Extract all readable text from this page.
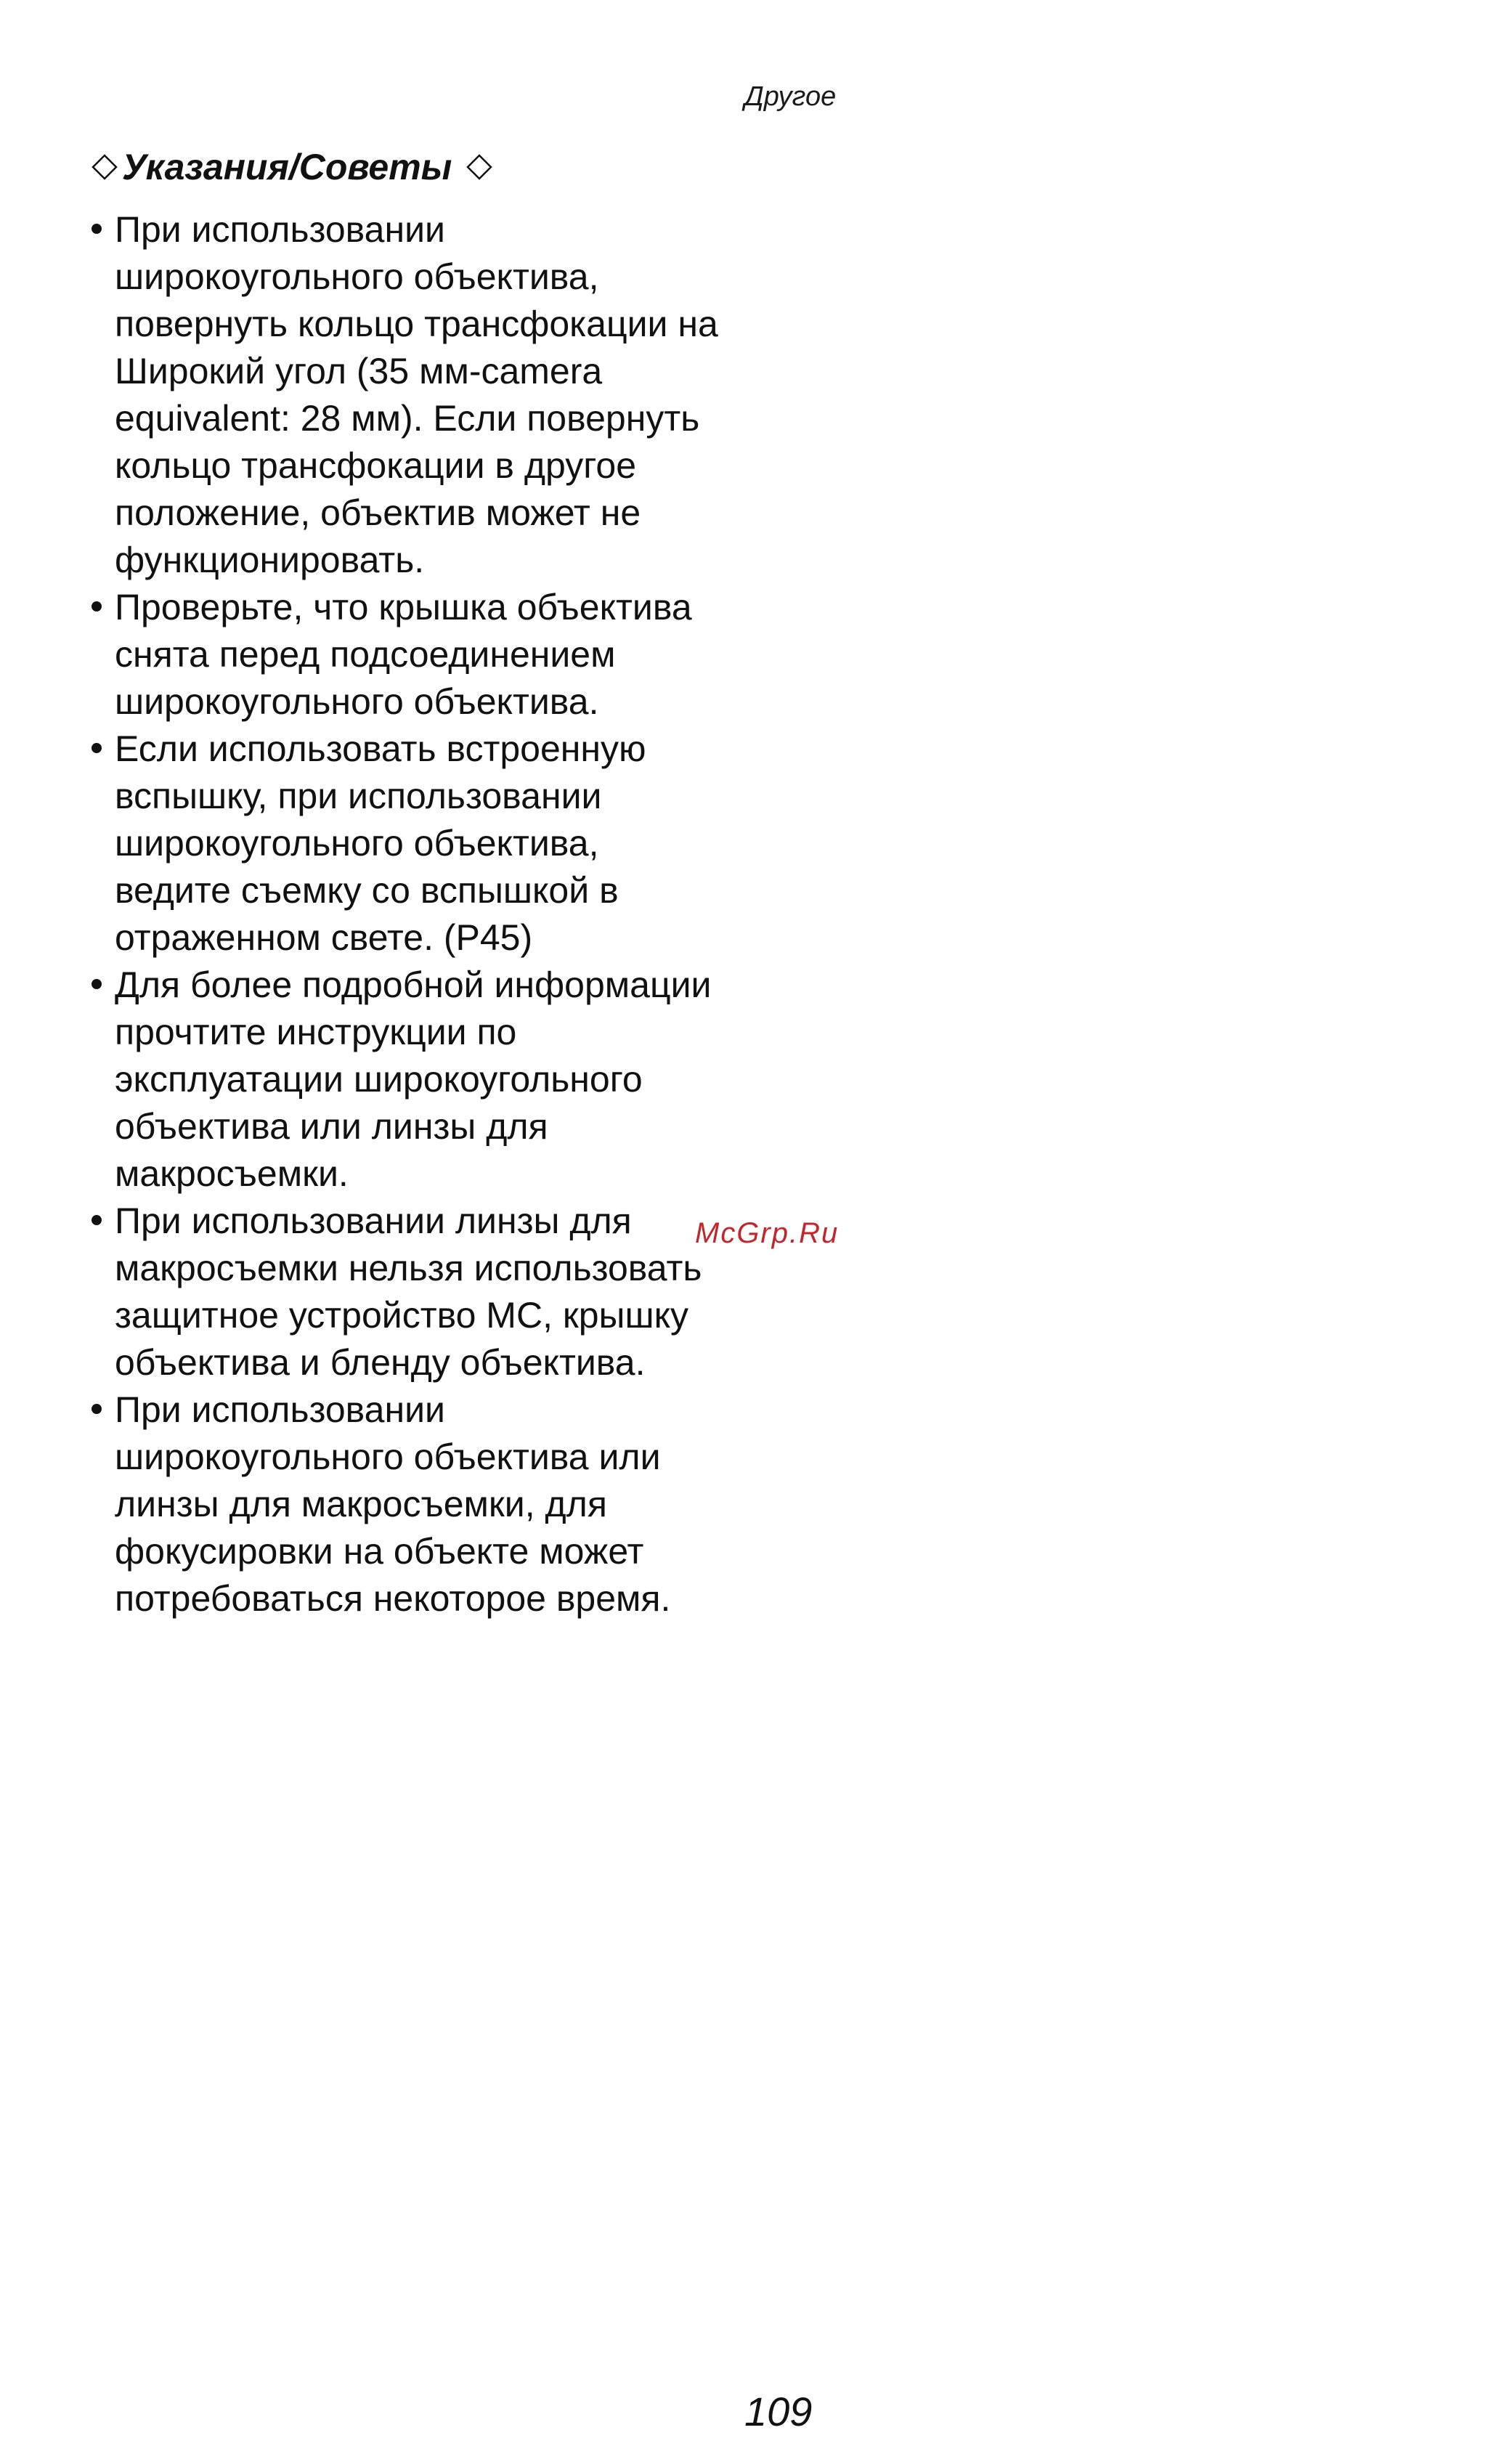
Другое
Указания/Советы
При использовании
широкоугольного объектива,
повернуть кольцо трансфокации на
Широкий угол (35 мм-camera
equivalent: 28 мм). Если повернуть
кольцо трансфокации в другое
положение, объектив может не
функционировать.
Проверьте, что крышка объектива
снята перед подсоединением
широкоугольного объектива.
Если использовать встроенную
вспышку, при использовании
широкоугольного объектива,
ведите съемку со вспышкой в
отраженном свете. (P45)
Для более подробной информации
прочтите инструкции по
эксплуатации широкоугольного
объектива или линзы для
макросъемки.
При использовании линзы для
макросъемки нельзя использовать
защитное устройство МС, крышку
объектива и бленду объектива.
При использовании
широкоугольного объектива или
линзы для макросъемки, для
фокусировки на объекте может
потребоваться некоторое время.
McGrp.Ru
109
